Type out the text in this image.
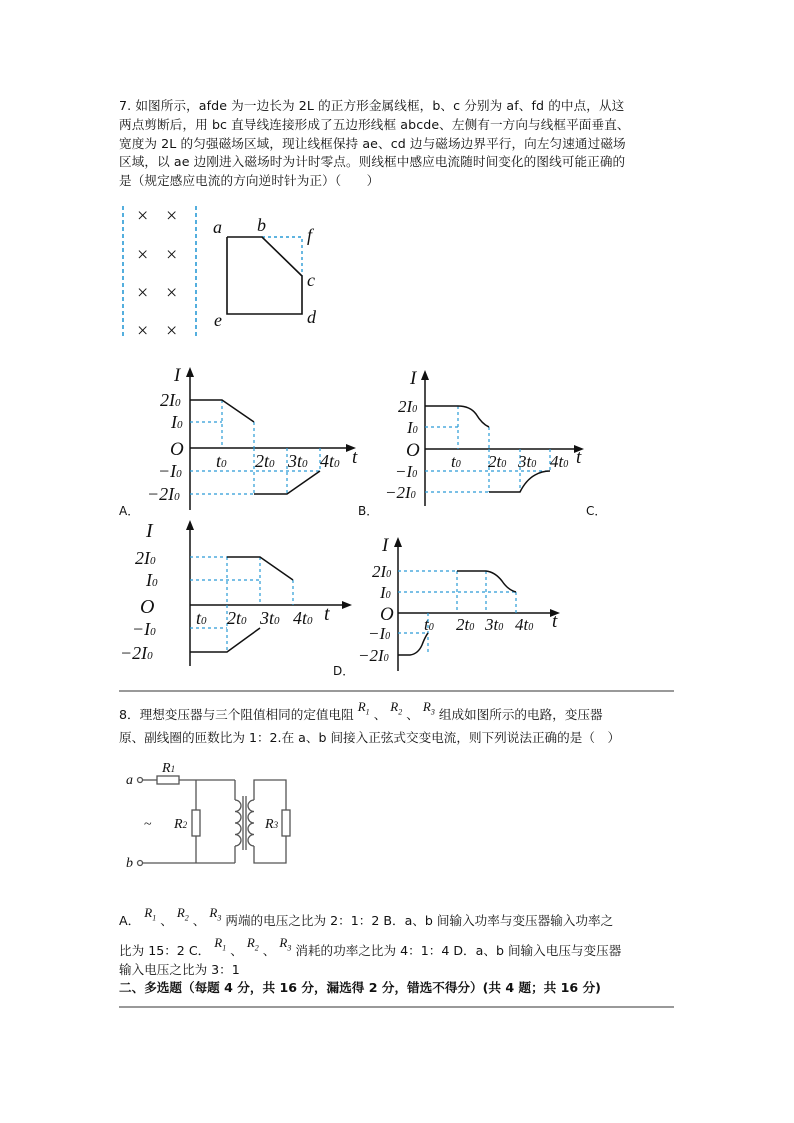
7. 如图所示，afde 为一边长为 2L 的正方形金属线框，b、c 分别为 af、fd 的中点，从这

两点剪断后，用 bc 直导线连接形成了五边形线框 abcde、左侧有一方向与线框平面垂直、

宽度为 2L 的匀强磁场区域，现让线框保持 ae、cd 边与磁场边界平行，向左匀速通过磁场

区域，以 ae 边刚进入磁场时为计时零点。则线框中感应电流随时间变化的图线可能正确的

是（规定感应电流的方向逆时针为正）（　　）

× ×
× ×
× ×
× ×
a b f
c
d
e
I
O	t
2I0
I0
−I0
−2I0
t0 2t0 3t0 4t0
A．
I
O	t
2I0
I0
−I0
−2I0
t0 2t0 3t0 4t0
B．	C．
I
O	t
2I0
I0
−I0
−2I0
t0 2t0 3t0 4t0
I
O	t
2I0
I0
−I0
−2I0
t0 2t0 3t0 4t0
D．
8．理想变压器与三个阻值相同的定值电阻 $R_1$ 、 $R_2$ 、 $R_3$ 组成如图所示的电路，变压器
原、副线圈的匝数比为 1：2.在 a、b 间接入正弦式交变电流，则下列说法正确的是（　）
a
b
~
R1
R2	R3
A． $R_1$ 、 $R_2$ 、 $R_3$ 两端的电压之比为 2：1：2 B．a、b 间输入功率与变压器输入功率之
比为 15：2 C． $R_1$ 、 $R_2$ 、 $R_3$ 消耗的功率之比为 4：1：4 D．a、b 间输入电压与变压器
输入电压之比为 3：1
二、多选题（每题 4 分，共 16 分，漏选得 2 分，错选不得分）(共 4 题；共 16 分)
